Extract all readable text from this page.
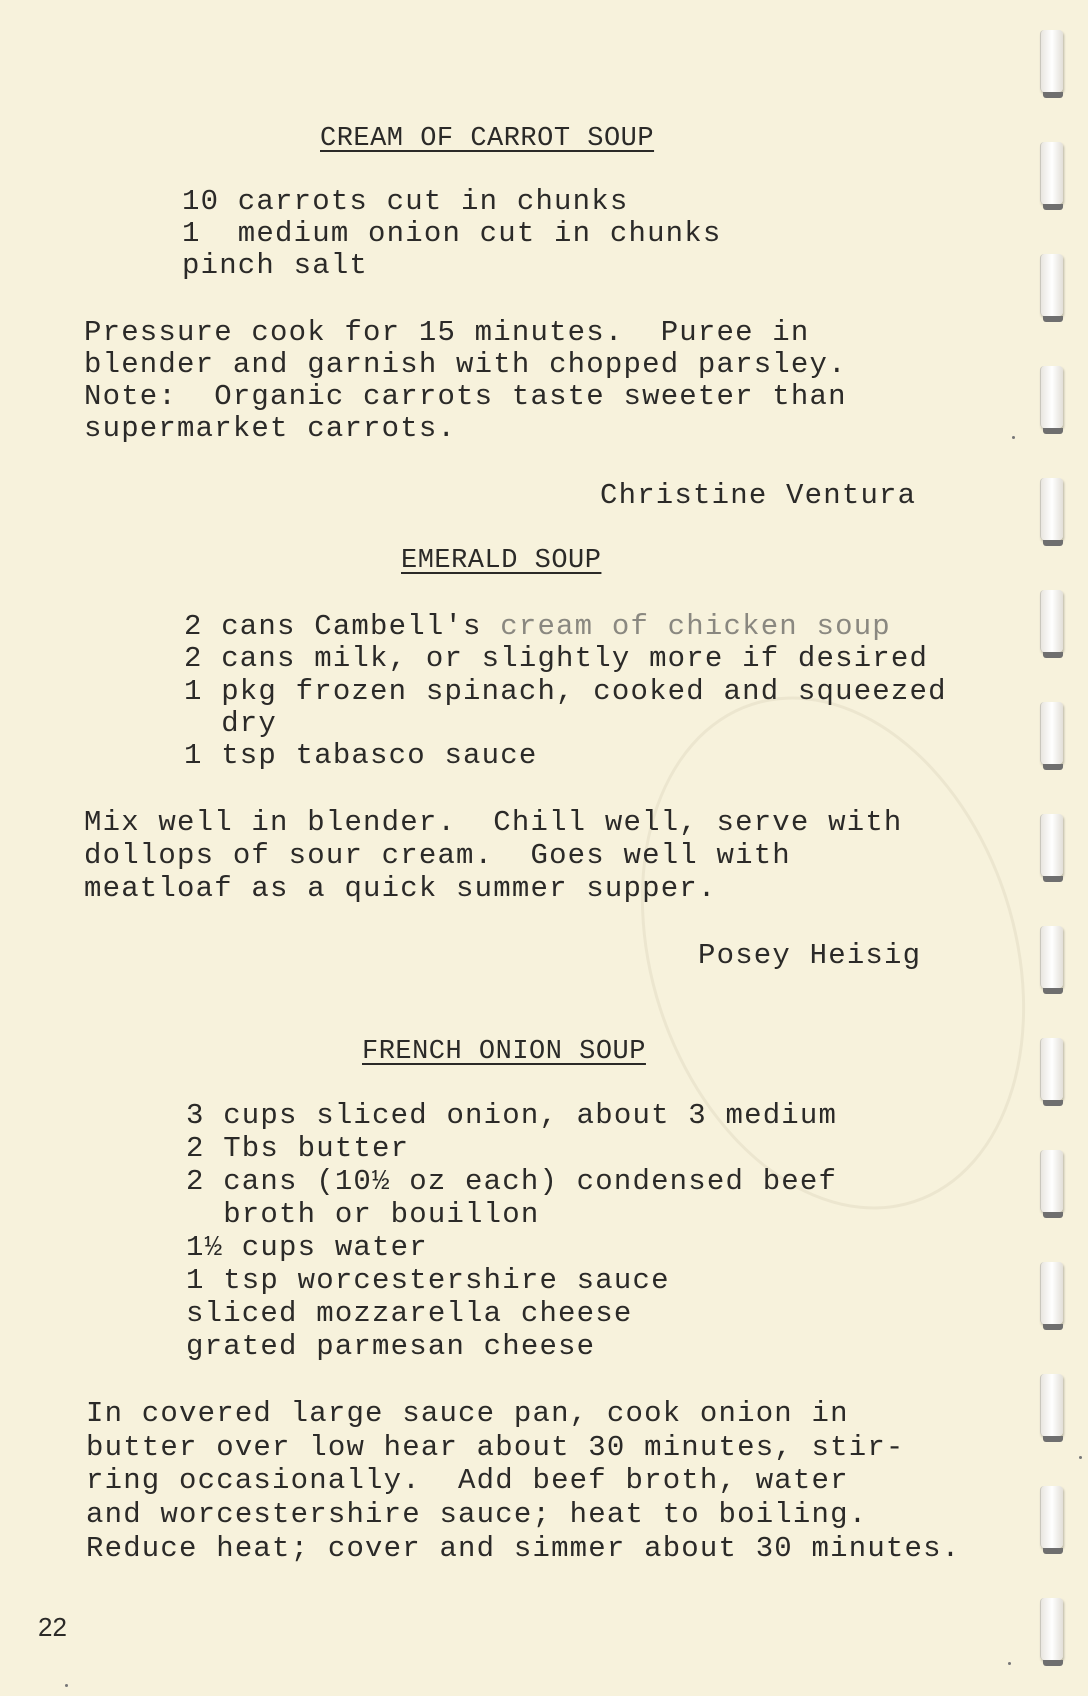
CREAM OF CARROT SOUP
10 carrots cut in chunks
1  medium onion cut in chunks
pinch salt
Pressure cook for 15 minutes.  Puree in
blender and garnish with chopped parsley.
Note:  Organic carrots taste sweeter than
supermarket carrots.
Christine Ventura
EMERALD SOUP
2 cans Cambell's cream of chicken soup
2 cans milk, or slightly more if desired
1 pkg frozen spinach, cooked and squeezed
dry
1 tsp tabasco sauce
Mix well in blender.  Chill well, serve with
dollops of sour cream.  Goes well with
meatloaf as a quick summer supper.
Posey Heisig
FRENCH ONION SOUP
3 cups sliced onion, about 3 medium
2 Tbs butter
2 cans (10½ oz each) condensed beef
broth or bouillon
1½ cups water
1 tsp worcestershire sauce
sliced mozzarella cheese
grated parmesan cheese
In covered large sauce pan, cook onion in
butter over low hear about 30 minutes, stir-
ring occasionally.  Add beef broth, water
and worcestershire sauce; heat to boiling.
Reduce heat; cover and simmer about 30 minutes.
22
